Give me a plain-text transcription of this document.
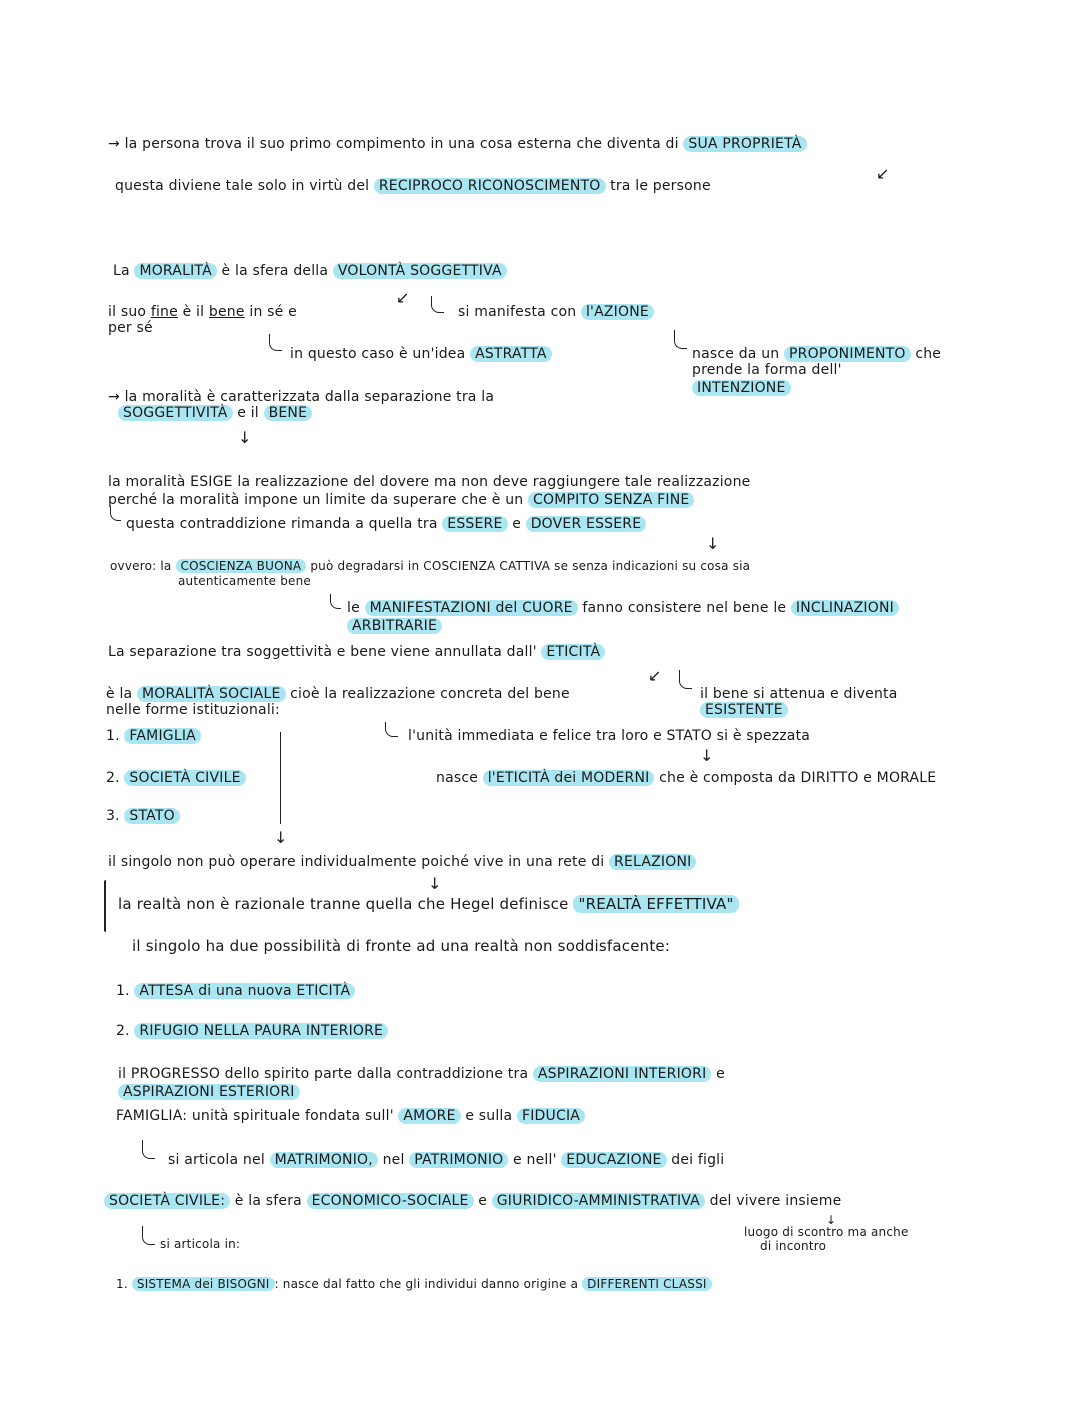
→ la persona trova il suo primo compimento in una cosa esterna che diventa di SUA PROPRIETÀ
↙
questa diviene tale solo in virtù del RECIPROCO RICONOSCIMENTO tra le persone
La MORALITÀ è la sfera della VOLONTÀ SOGGETTIVA
il suo fine è il bene in sé e
per sé
↙
si manifesta con l'AZIONE
in questo caso è un'idea ASTRATTA	nasce da un PROPONIMENTO che
prende la forma dell'
INTENZIONE
→ la moralità è caratterizzata dalla separazione tra la
SOGGETTIVITÀ e il BENE
↓
la moralità ESIGE la realizzazione del dovere ma non deve raggiungere tale realizzazione
perché la moralità impone un limite da superare che è un COMPITO SENZA FINE
questa contraddizione rimanda a quella tra ESSERE e DOVER ESSERE
↓
ovvero: la COSCIENZA BUONA può degradarsi in COSCIENZA CATTIVA se senza indicazioni su cosa sia
autenticamente bene
le MANIFESTAZIONI del CUORE fanno consistere nel bene le INCLINAZIONI
ARBITRARIE
La separazione tra soggettività e bene viene annullata dall' ETICITÀ
↙
è la MORALITÀ SOCIALE cioè la realizzazione concreta del bene
nelle forme istituzionali:
il bene si attenua e diventa
ESISTENTE
1. FAMIGLIA
2. SOCIETÀ CIVILE
3. STATO
↓
l'unità immediata e felice tra loro e STATO si è spezzata
↓
nasce l'ETICITÀ dei MODERNI che è composta da DIRITTO e MORALE
il singolo non può operare individualmente poiché vive in una rete di RELAZIONI
↓
la realtà non è razionale tranne quella che Hegel definisce "REALTÀ EFFETTIVA"
il singolo ha due possibilità di fronte ad una realtà non soddisfacente:
1. ATTESA di una nuova ETICITÀ
2. RIFUGIO NELLA PAURA INTERIORE
il PROGRESSO dello spirito parte dalla contraddizione tra ASPIRAZIONI INTERIORI e
ASPIRAZIONI ESTERIORI
FAMIGLIA: unità spirituale fondata sull' AMORE e sulla FIDUCIA
si articola nel MATRIMONIO, nel PATRIMONIO e nell' EDUCAZIONE dei figli
SOCIETÀ CIVILE: è la sfera ECONOMICO-SOCIALE e GIURIDICO-AMMINISTRATIVA del vivere insieme
↓
luogo di scontro ma anche
di incontro
si articola in:
1. SISTEMA dei BISOGNI : nasce dal fatto che gli individui danno origine a DIFFERENTI CLASSI
